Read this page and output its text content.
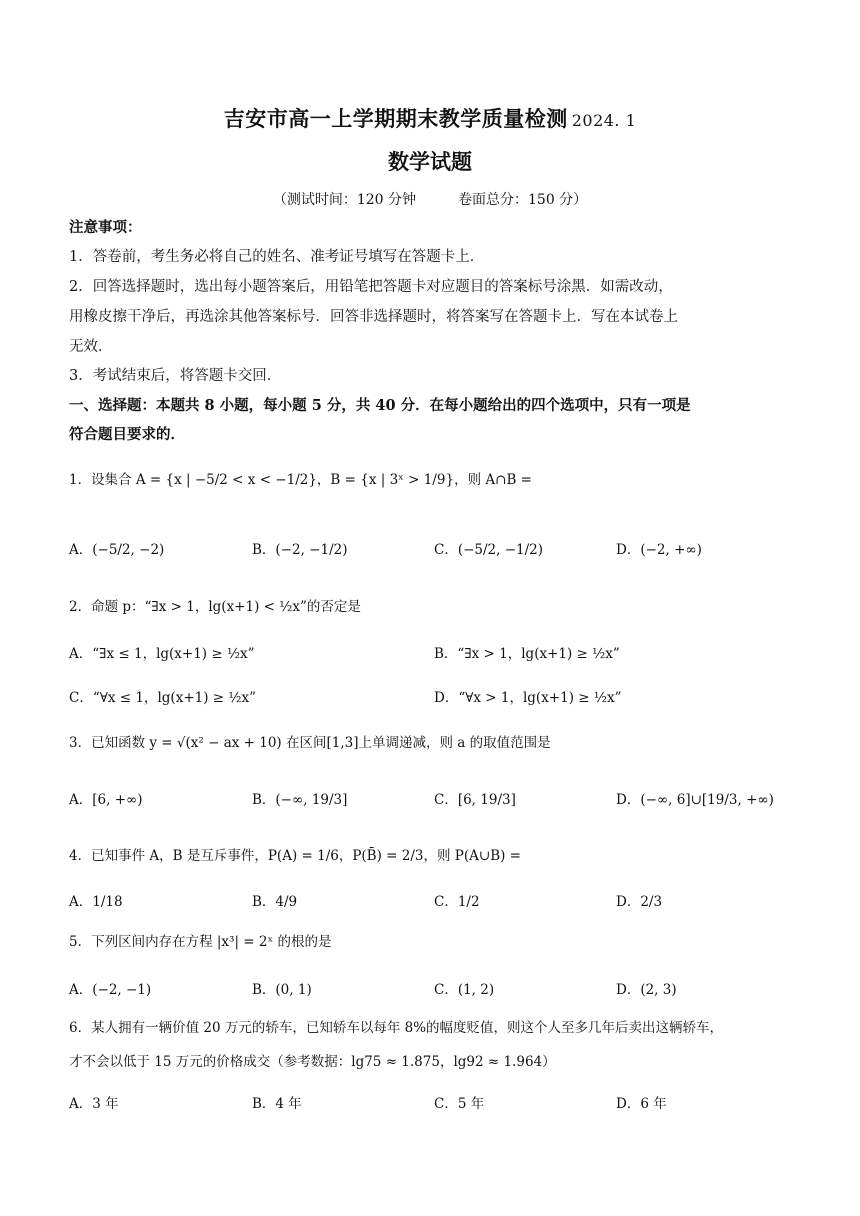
吉安市高一上学期期末教学质量检测 2024. 1
数学试题
（测试时间：120 分钟	卷面总分：150 分）
注意事项：
1．答卷前，考生务必将自己的姓名、准考证号填写在答题卡上．
2．回答选择题时，选出每小题答案后，用铅笔把答题卡对应题目的答案标号涂黑．如需改动，
用橡皮擦干净后，再选涂其他答案标号．回答非选择题时，将答案写在答题卡上．写在本试卷上
无效．
3．考试结束后，将答题卡交回．
一、选择题：本题共 8 小题，每小题 5 分，共 40 分．在每小题给出的四个选项中，只有一项是
符合题目要求的．
1．设集合 A = {x | −5/2 < x < −1/2}，B = {x | 3ˣ > 1/9}，则 A∩B =
A．(−5/2, −2)	B．(−2, −1/2)	C．(−5/2, −1/2)	D．(−2, +∞)
2．命题 p：“∃x > 1，lg(x+1) < ½x”的否定是
A．“∃x ≤ 1，lg(x+1) ≥ ½x”	B．“∃x > 1，lg(x+1) ≥ ½x”
C．“∀x ≤ 1，lg(x+1) ≥ ½x”	D．“∀x > 1，lg(x+1) ≥ ½x”
3．已知函数 y = √(x² − ax + 10) 在区间[1,3]上单调递减，则 a 的取值范围是
A．[6, +∞)	B．(−∞, 19/3]	C．[6, 19/3]	D．(−∞, 6]∪[19/3, +∞)
4．已知事件 A，B 是互斥事件，P(A) = 1/6，P(B̄) = 2/3，则 P(A∪B) =
A．1/18	B．4/9	C．1/2	D．2/3
5．下列区间内存在方程 |x³| = 2ˣ 的根的是
A．(−2, −1)	B．(0, 1)	C．(1, 2)	D．(2, 3)
6．某人拥有一辆价值 20 万元的轿车，已知轿车以每年 8%的幅度贬值，则这个人至多几年后卖出这辆轿车，
才不会以低于 15 万元的价格成交（参考数据：lg75 ≈ 1.875，lg92 ≈ 1.964）
A．3 年	B．4 年	C．5 年	D．6 年
